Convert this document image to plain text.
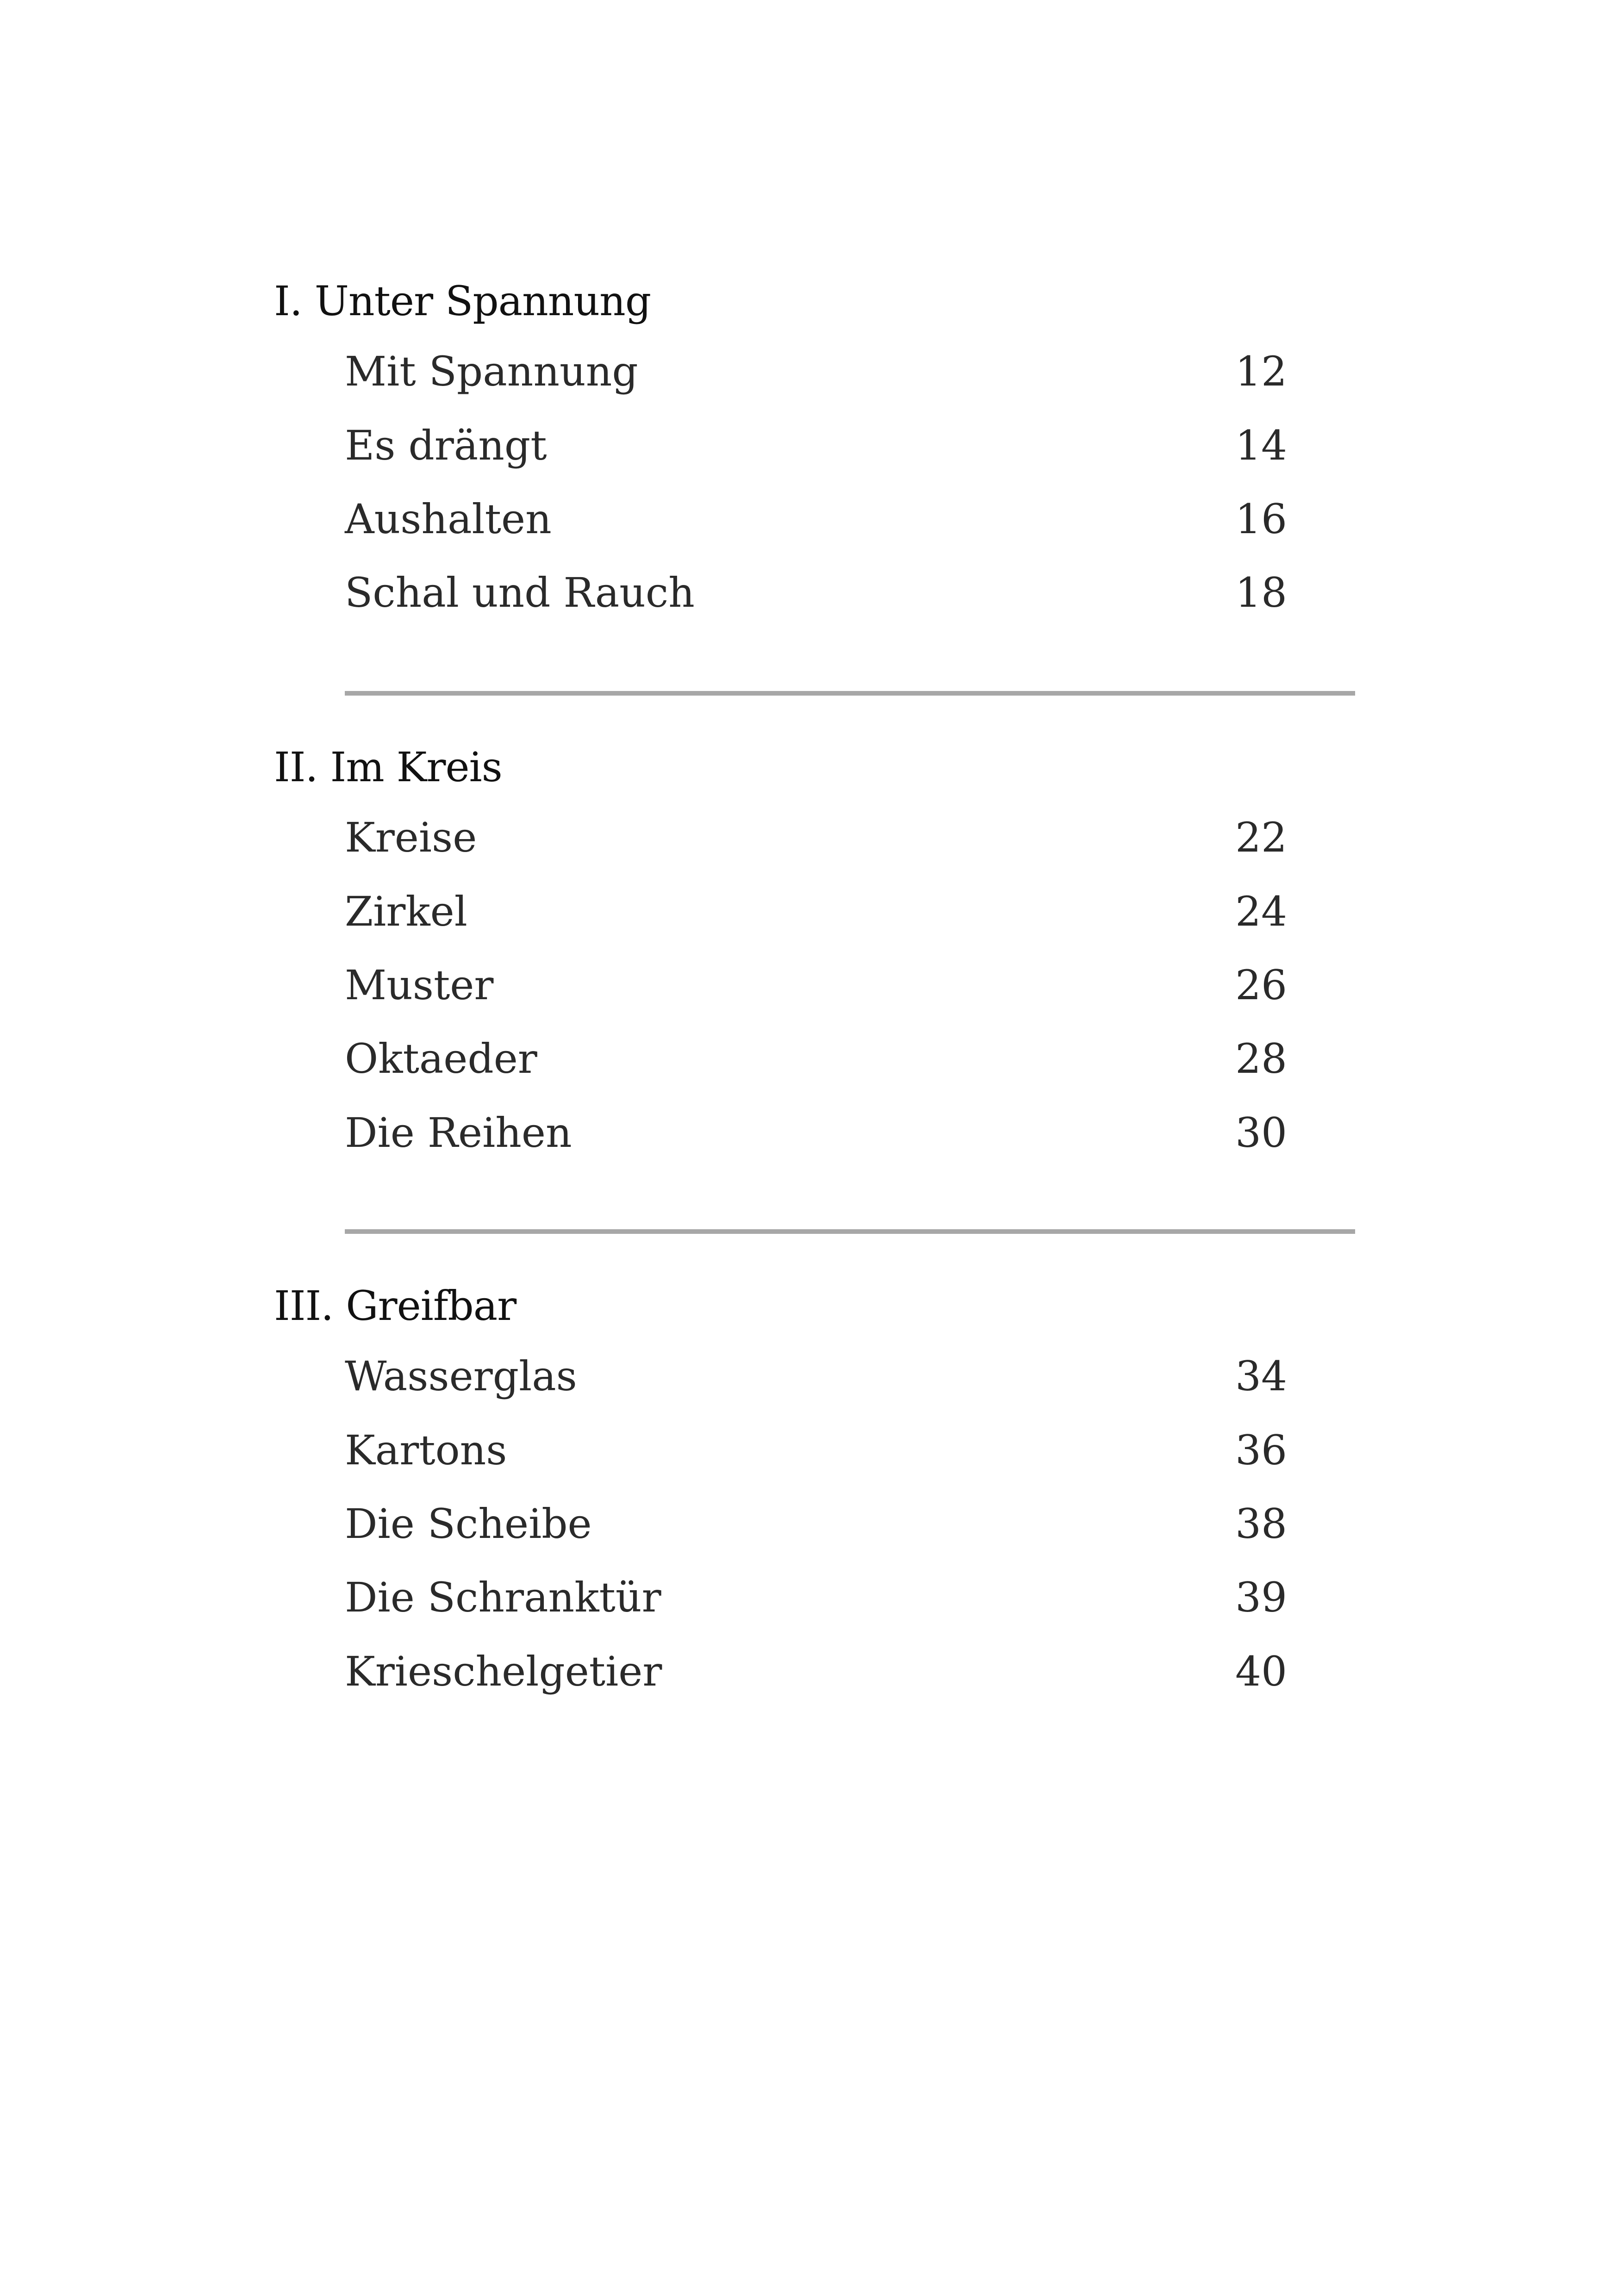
I. Unter Spannung
Mit Spannung	12
Es drängt	14
Aushalten	16
Schal und Rauch	18
II. Im Kreis
Kreise	22
Zirkel	24
Muster	26
Oktaeder	28
Die Reihen	30
III. Greifbar
Wasserglas	34
Kartons	36
Die Scheibe	38
Die Schranktür	39
Krieschelgetier	40
